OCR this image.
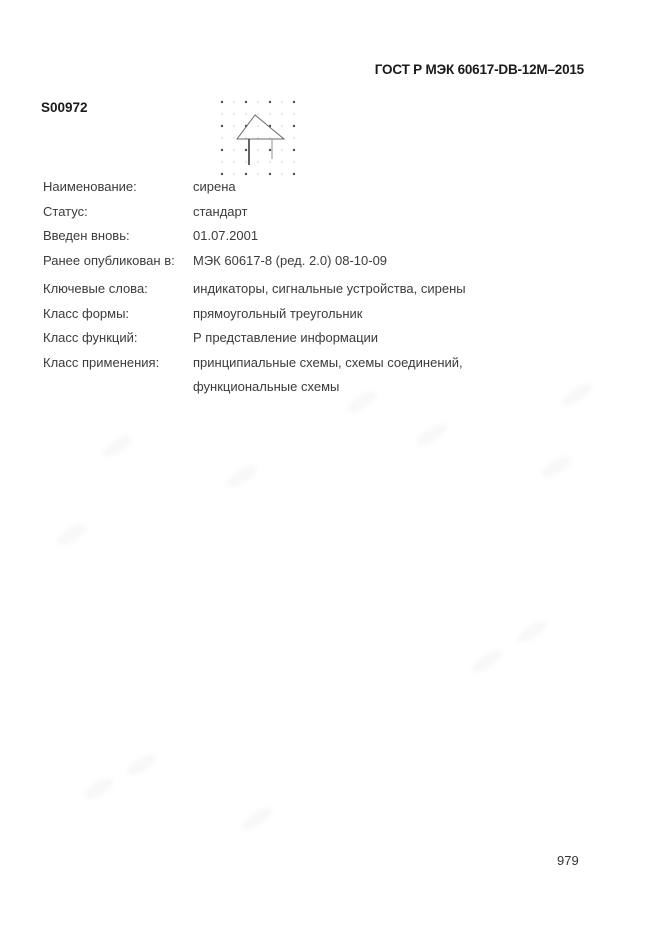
ГОСТ Р МЭК 60617-DB-12M–2015
S00972
Наименование:	сирена
Статус:	стандарт
Введен вновь:	01.07.2001
Ранее опубликован в:	МЭК 60617-8 (ред. 2.0) 08-10-09
Ключевые слова:	индикаторы, сигнальные устройства, сирены
Класс формы:	прямоугольный треугольник
Класс функций:	Р представление информации
Класс применения:	принципиальные схемы, схемы соединений, функциональные схемы
979
